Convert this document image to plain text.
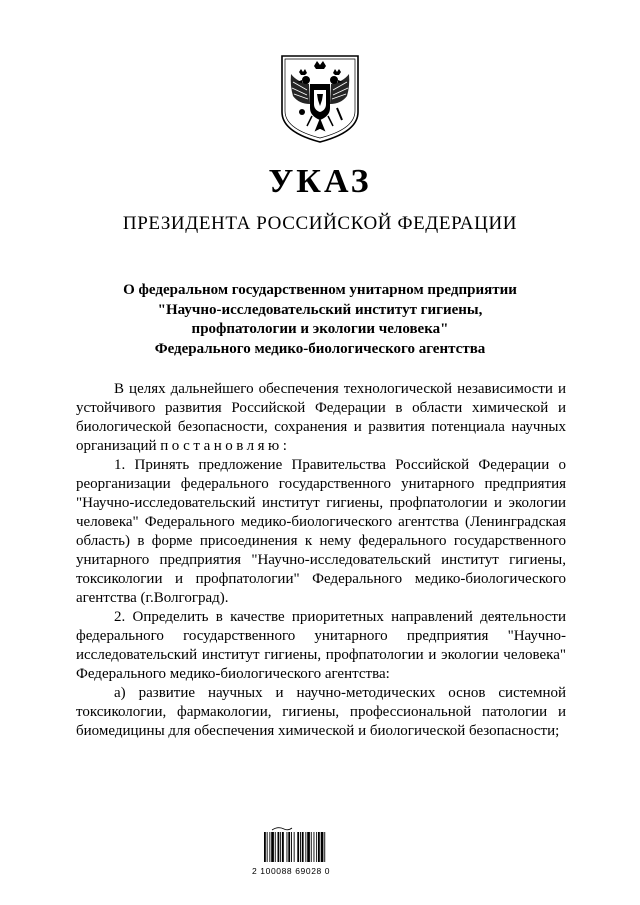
УКАЗ
ПРЕЗИДЕНТА РОССИЙСКОЙ ФЕДЕРАЦИИ
О федеральном государственном унитарном предприятии
"Научно-исследовательский институт гигиены,
профпатологии и экологии человека"
Федерального медико-биологического агентства

В целях дальнейшего обеспечения технологической независимости и устойчивого развития Российской Федерации в области химической и биологической безопасности, сохранения и развития потенциала научных организаций постановляю:

1. Принять предложение Правительства Российской Федерации о реорганизации федерального государственного унитарного предприятия "Научно-исследовательский институт гигиены, профпатологии и экологии человека" Федерального медико-биологического агентства (Ленинградская область) в форме присоединения к нему федерального государственного унитарного предприятия "Научно-исследовательский институт гигиены, токсикологии и профпатологии" Федерального медико-биологического агентства (г.Волгоград).

2. Определить в качестве приоритетных направлений деятельности федерального государственного унитарного предприятия "Научно-исследовательский институт гигиены, профпатологии и экологии человека" Федерального медико-биологического агентства:

а) развитие научных и научно-методических основ системной токсикологии, фармакологии, гигиены, профессиональной патологии и биомедицины для обеспечения химической и биологической безопасности;

2 100088 69028 0
